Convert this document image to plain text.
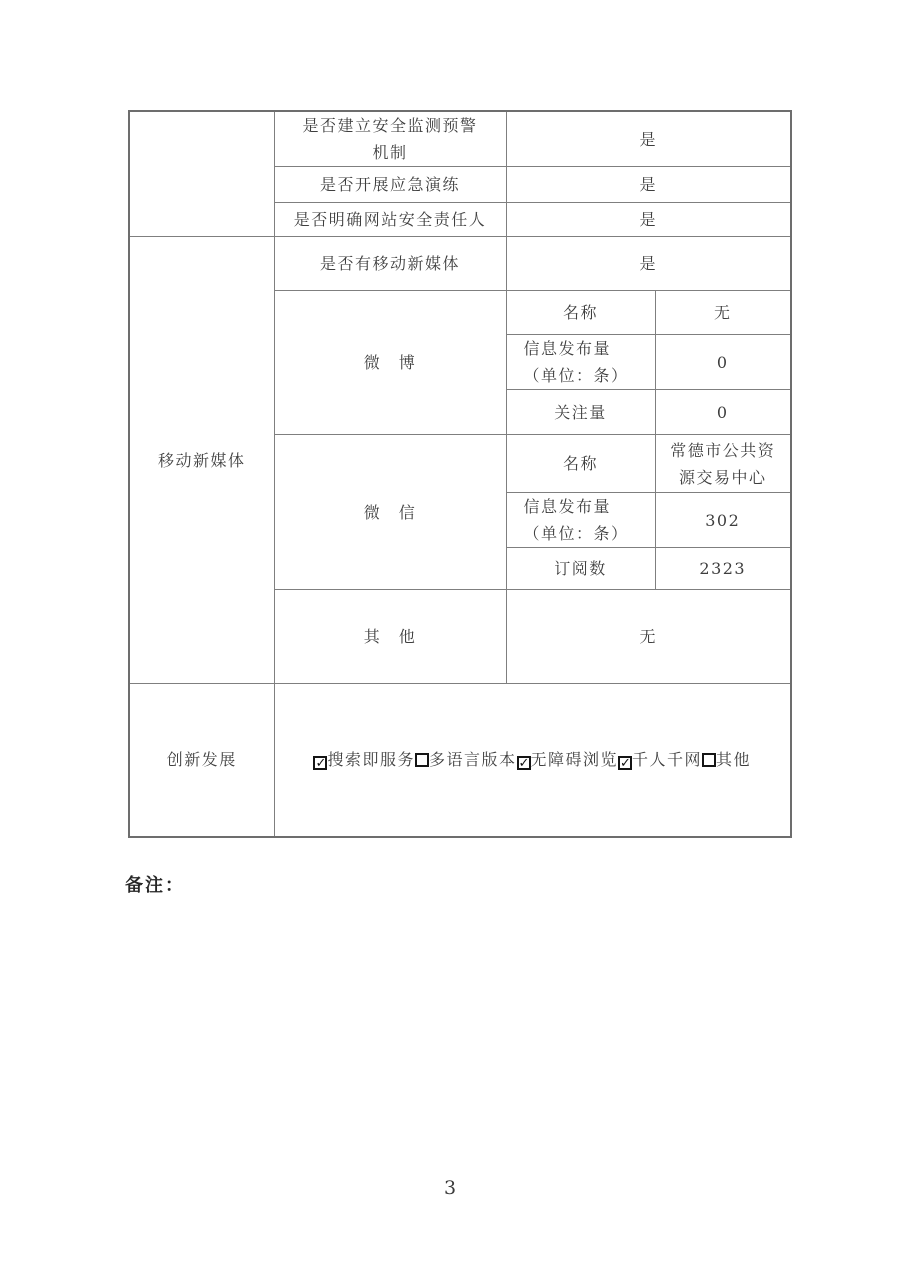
	是否建立安全监测预警机制	是	
	是否开展应急演练	是	
	是否明确网站安全责任人	是	
移动新媒体	是否有移动新媒体	是	
	微　博	名称	无

		信息发布量（单位：条）	0
		关注量	0
	微　信	名称	常德市公共资源交易中心

		信息发布量（单位：条）	302
		订阅数	2323
	其　他	无	
创新发展	✓搜索即服务 多语言版本 ✓无障碍浏览 ✓千人千网 其他		
备注：
3
